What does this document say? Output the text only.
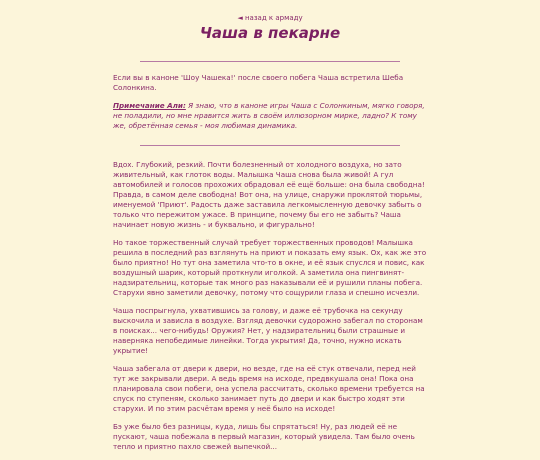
◄ назад к армаду
Чаша в пекарне

Если вы в каноне 'Шоу Чашека!' после своего побега Чаша встретила Шеба Солонкина.

Примечание Али: Я знаю, что в каноне игры Чаша с Солонкиным, мягко говоря, не поладили, но мне нравится жить в своём иллюзорном мирке, ладно? К тому же, обретённая семья - моя любимая динамика.

Вдох. Глубокий, резкий. Почти болезненный от холодного воздуха, но зато живительный, как глоток воды. Малышка Чаша снова была живой! А гул автомобилей и голосов прохожих обрадовал её ещё больше: она была свободна! Правда, в самом деле свободна! Вот она, на улице, снаружи проклятой тюрьмы, именуемой 'Приют'. Радость даже заставила легкомысленную девочку забыть о только что пережитом ужасе. В принципе, почему бы его не забыть? Чаша начинает новую жизнь - и буквально, и фигурально!

Но такое торжественный случай требует торжественных проводов! Малышка решила в последний раз взглянуть на приют и показать ему язык. Ох, как же это было приятно! Но тут она заметила что-то в окне, и её язык спуслся и повис, как воздушный шарик, который проткнули иголкой. А заметила она пингвинят-надзирательниц, которые так много раз наказывали её и рушили планы побега. Старухи явно заметили девочку, потому что сощурили глаза и спешно исчезли.

Чаша поспрыгнула, ухватившись за голову, и даже её трубочка на секунду выскочила и зависла в воздухе. Взгляд девочки судорожно забегал по сторонам в поисках... чего-нибудь! Оружия? Нет, у надзирательниц были страшные и наверняка непобедимые линейки. Тогда укрытия! Да, точно, нужно искать укрытие!

Чаша забегала от двери к двери, но везде, где на её стук отвечали, перед ней тут же закрывали двери. А ведь время на исходе, предвкушала она! Пока она планировала свои побеги, она успела рассчитать, сколько времени требуется на спуск по ступеням, сколько занимает путь до двери и как быстро ходят эти старухи. И по этим расчётам время у неё было на исходе!

Бэ уже было без разницы, куда, лишь бы спрятаться! Ну, раз людей её не пускают, чаша побежала в первый магазин, который увидела. Там было очень тепло и приятно пахло свежей выпечкой...
